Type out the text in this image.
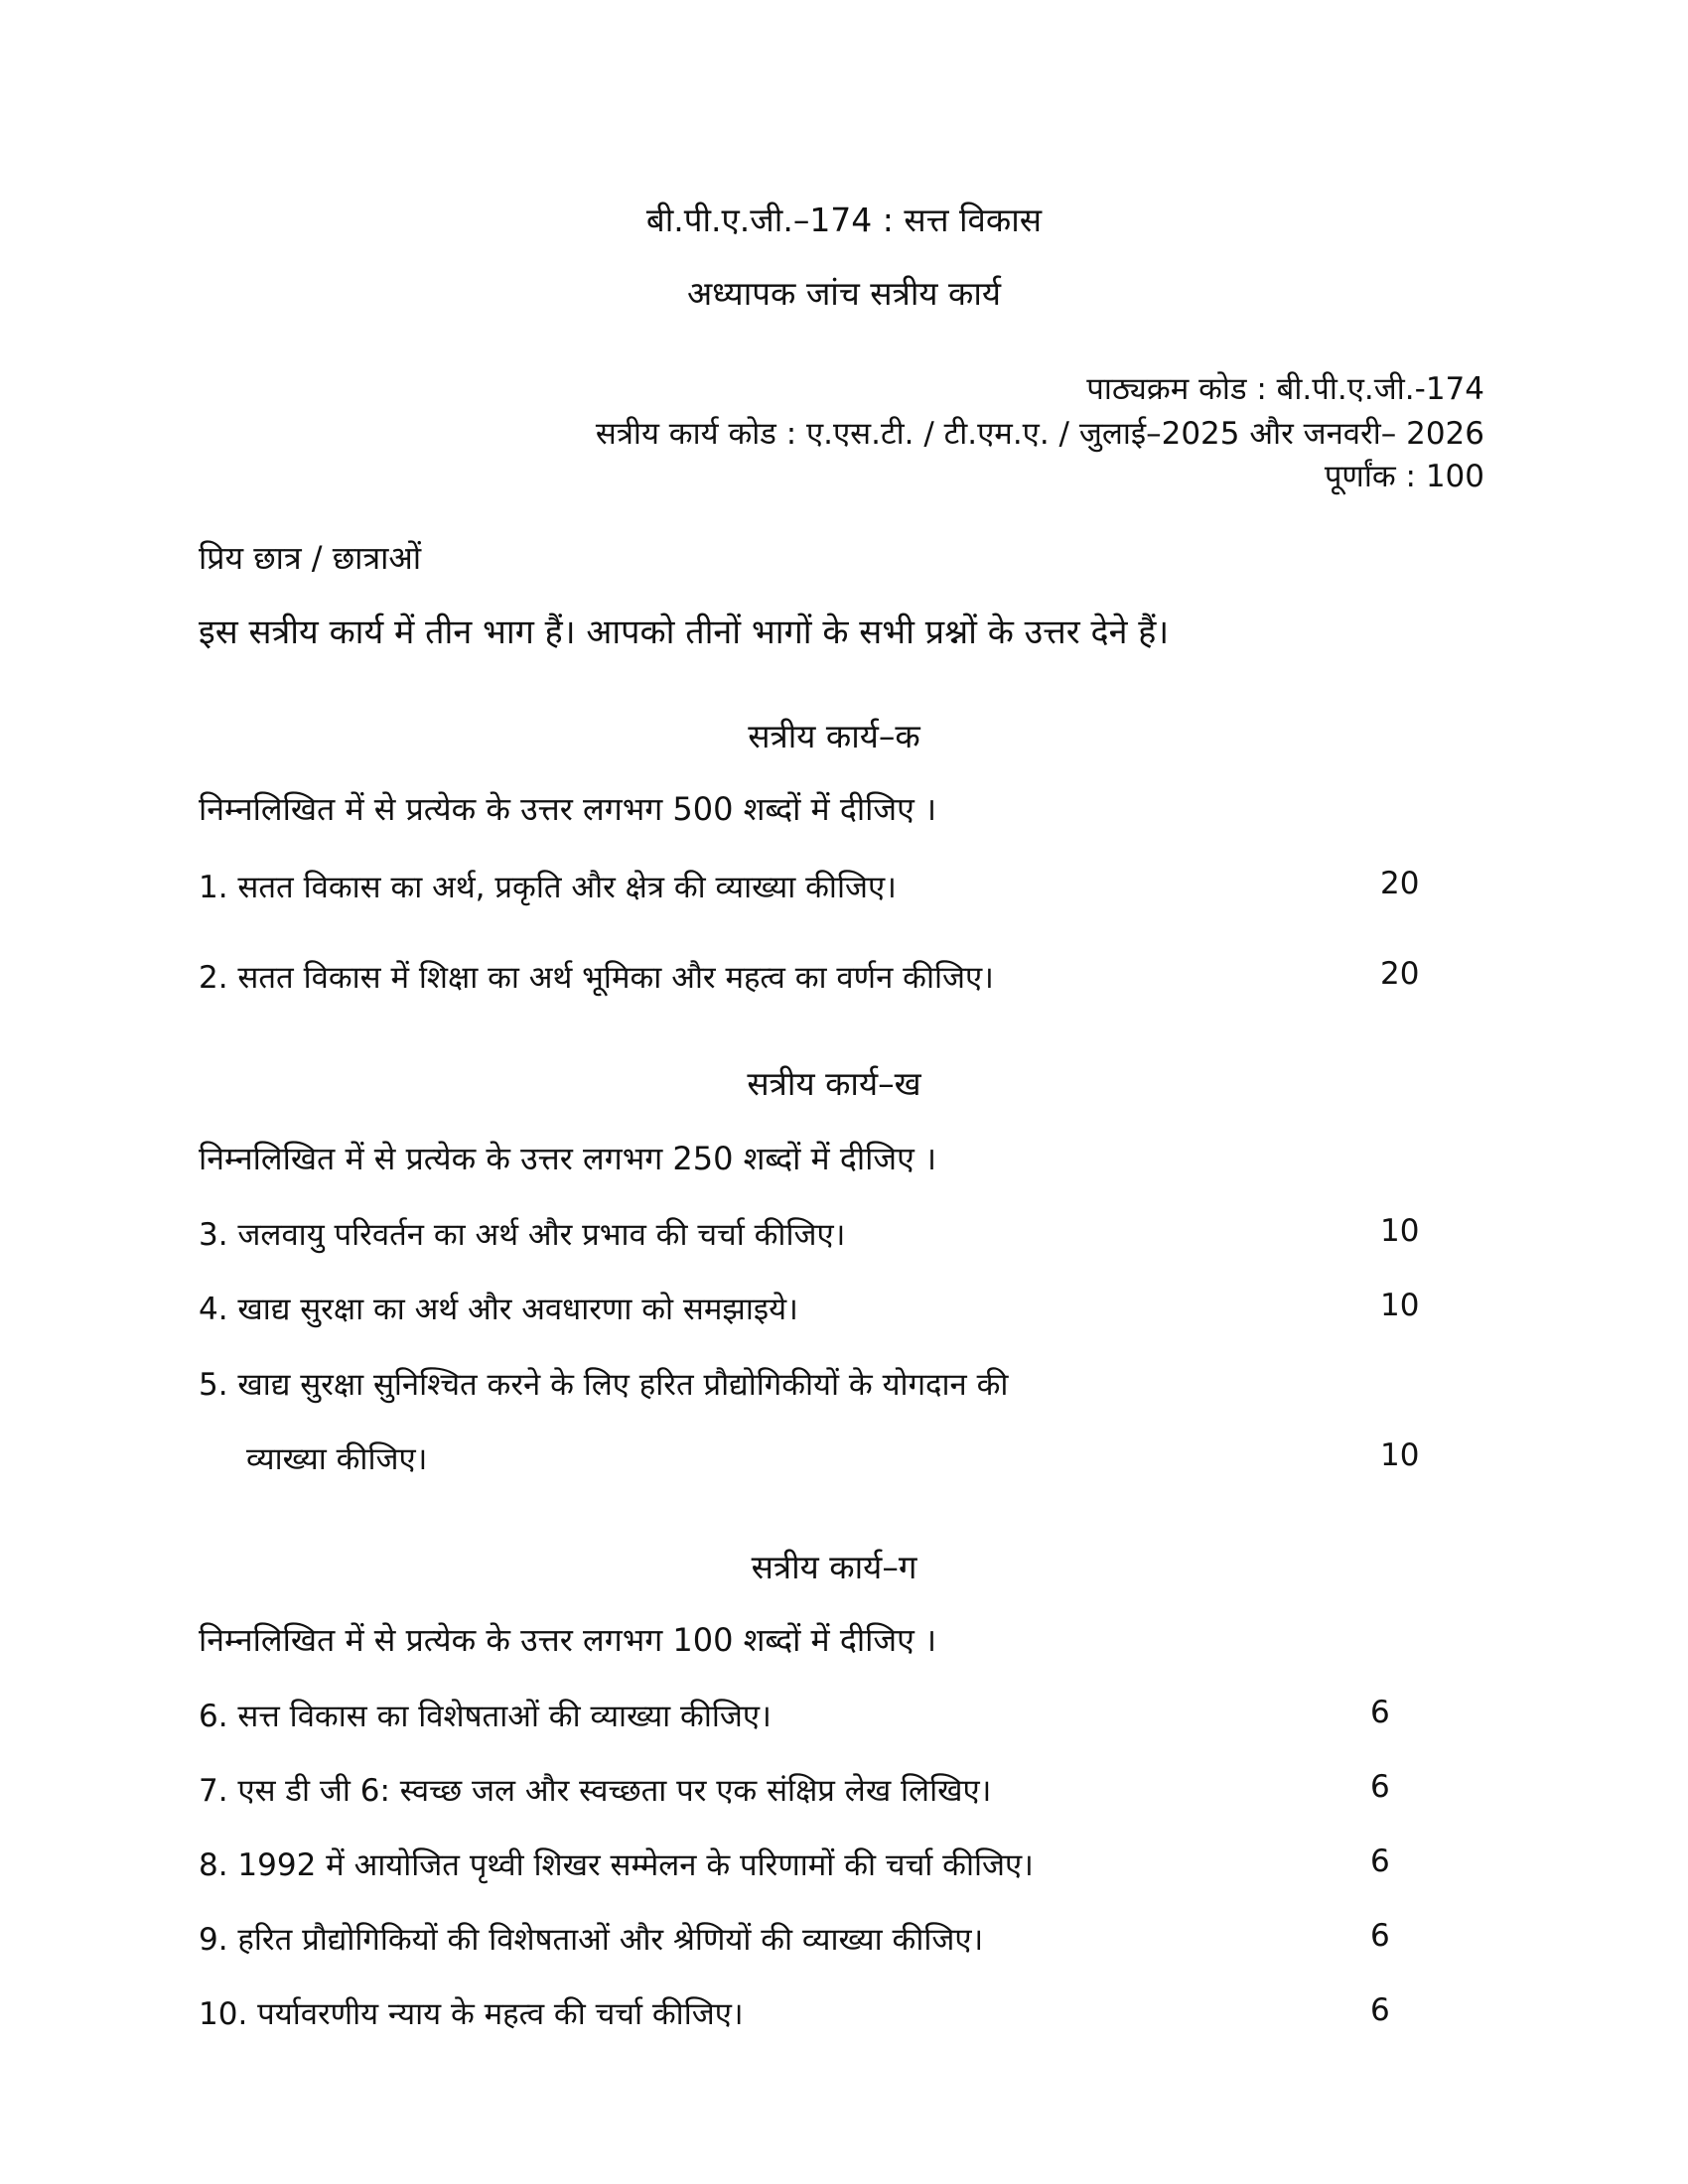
बी.पी.ए.जी.–174 : सत्त विकास
अध्यापक जांच सत्रीय कार्य
पाठ्यक्रम कोड : बी.पी.ए.जी.-174
सत्रीय कार्य कोड : ए.एस.टी. / टी.एम.ए. / जुलाई–2025 और जनवरी– 2026
पूर्णांक : 100
प्रिय छात्र / छात्राओं
इस सत्रीय कार्य में तीन भाग हैं। आपको तीनों भागों के सभी प्रश्नों के उत्तर देने हैं।
सत्रीय कार्य–क
निम्नलिखित में से प्रत्येक के उत्तर लगभग 500 शब्दों में दीजिए ।
1. सतत विकास का अर्थ, प्रकृति और क्षेत्र की व्याख्या कीजिए।	20
2. सतत विकास में शिक्षा का अर्थ भूमिका और महत्व का वर्णन कीजिए।	20
सत्रीय कार्य–ख
निम्नलिखित में से प्रत्येक के उत्तर लगभग 250 शब्दों में दीजिए ।
3. जलवायु परिवर्तन का अर्थ और प्रभाव की चर्चा कीजिए।	10
4. खाद्य सुरक्षा का अर्थ और अवधारणा को समझाइये।	10
5. खाद्य सुरक्षा सुनिश्चित करने के लिए हरित प्रौद्योगिकीयों के योगदान की
व्याख्या कीजिए।	10
सत्रीय कार्य–ग
निम्नलिखित में से प्रत्येक के उत्तर लगभग 100 शब्दों में दीजिए ।
6. सत्त विकास का विशेषताओं की व्याख्या कीजिए।	6
7. एस डी जी 6: स्वच्छ जल और स्वच्छता पर एक संक्षिप्र लेख लिखिए।	6
8. 1992 में आयोजित पृथ्वी शिखर सम्मेलन के परिणामों की चर्चा कीजिए।	6
9. हरित प्रौद्योगिकियों की विशेषताओं और श्रेणियों की व्याख्या कीजिए।	6
10. पर्यावरणीय न्याय के महत्व की चर्चा कीजिए।	6
